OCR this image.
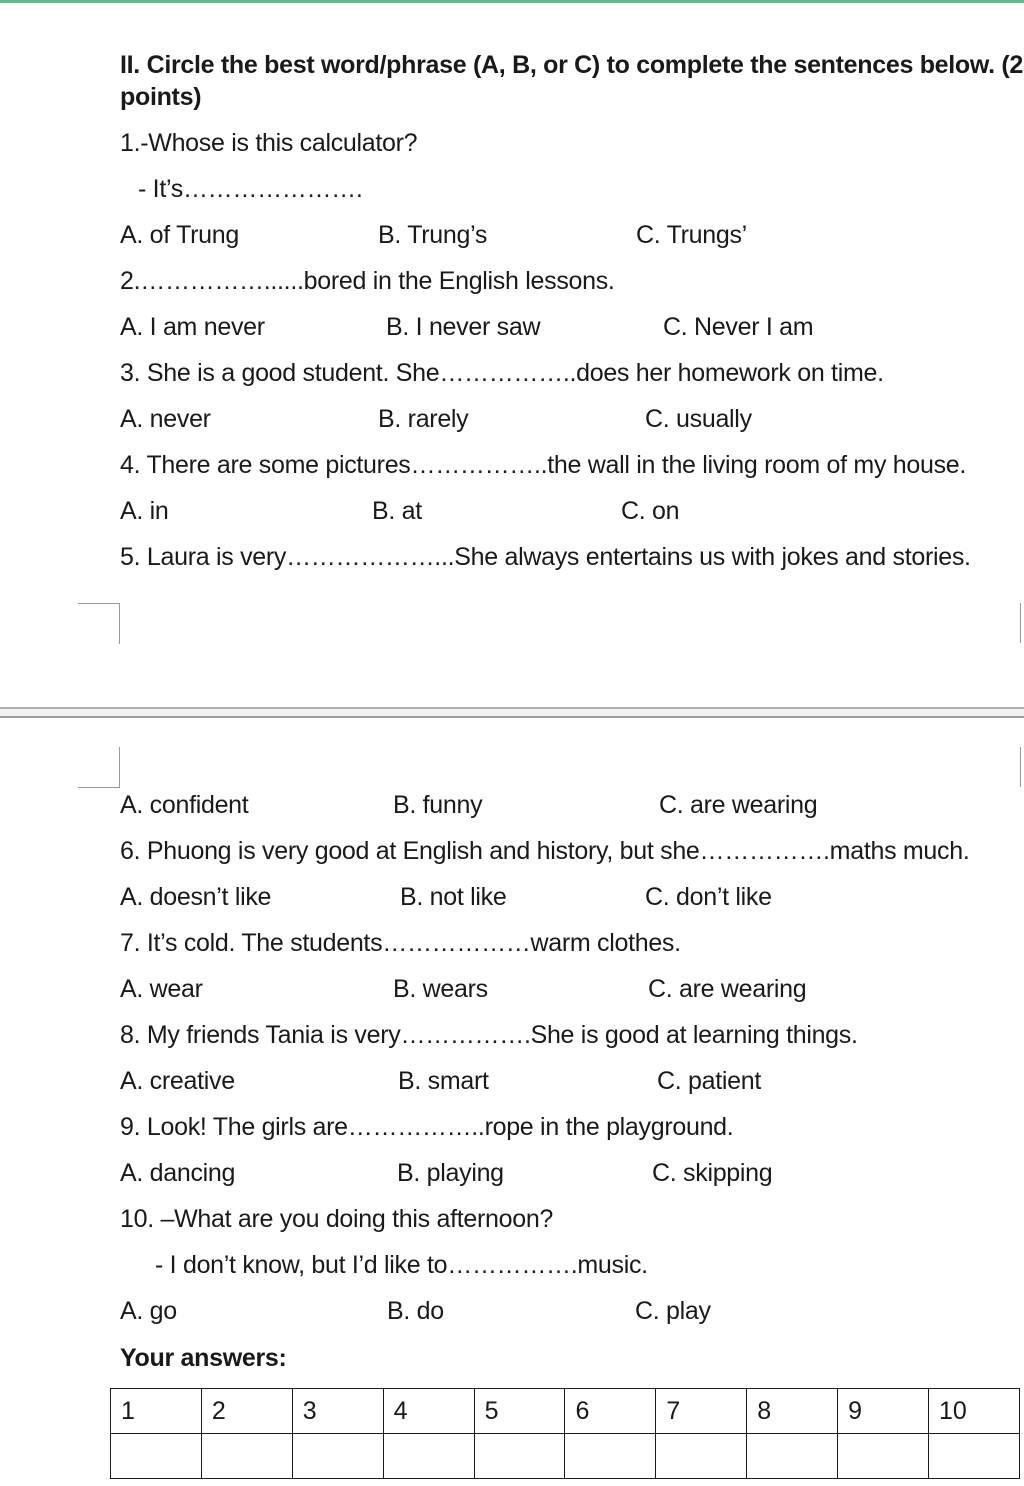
II. Circle the best word/phrase (A, B, or C) to complete the sentences below. (2
points)
1.-Whose is this calculator?
- It’s………………….
A. of Trung	B. Trung’s	C. Trungs’
2.……………......bored in the English lessons.
A. I am never	B. I never saw	C. Never I am
3. She is a good student. She……………..does her homework on time.
A. never	B. rarely	C. usually
4. There are some pictures……………..the wall in the living room of my house.
A. in	B. at	C. on
5. Laura is very………………...She always entertains us with jokes and stories.
A. confident	B. funny	C. are wearing
6. Phuong is very good at English and history, but she…………….maths much.
A. doesn’t like	B. not like	C. don’t like
7. It’s cold. The students………………warm clothes.
A. wear	B. wears	C. are wearing
8. My friends Tania is very…………….She is good at learning things.
A. creative	B. smart	C. patient
9. Look! The girls are……………..rope in the playground.
A. dancing	B. playing	C. skipping
10. –What are you doing this afternoon?
- I don’t know, but I’d like to…………….music.
A. go	B. do	C. play
Your answers:
1	2	3	4	5	6	7	8	9	10
